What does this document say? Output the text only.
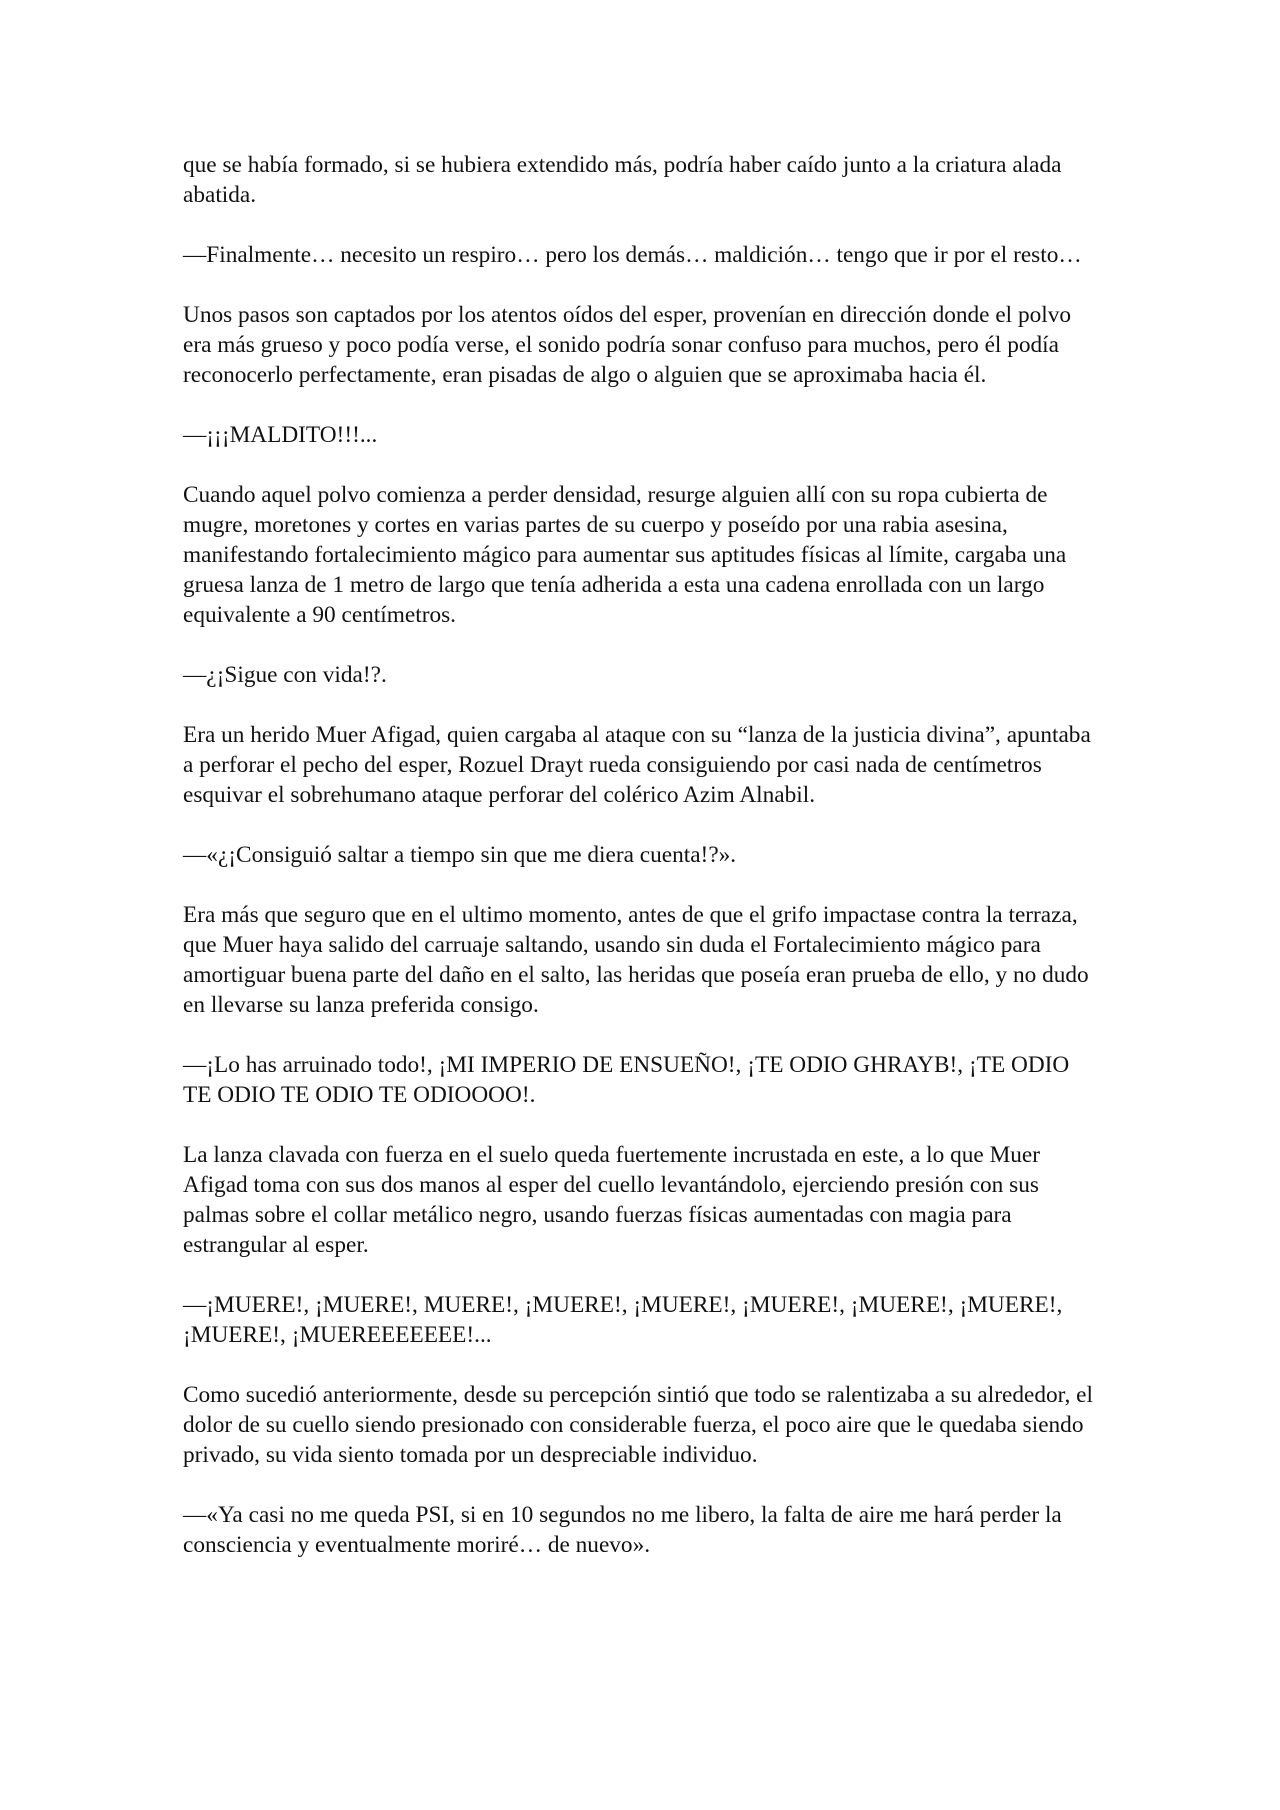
que se había formado, si se hubiera extendido más, podría haber caído junto a la criatura alada abatida.

—Finalmente… necesito un respiro… pero los demás… maldición… tengo que ir por el resto…

Unos pasos son captados por los atentos oídos del esper, provenían en dirección donde el polvo era más grueso y poco podía verse, el sonido podría sonar confuso para muchos, pero él podía reconocerlo perfectamente, eran pisadas de algo o alguien que se aproximaba hacia él.

—¡¡¡MALDITO!!!...

Cuando aquel polvo comienza a perder densidad, resurge alguien allí con su ropa cubierta de mugre, moretones y cortes en varias partes de su cuerpo y poseído por una rabia asesina, manifestando fortalecimiento mágico para aumentar sus aptitudes físicas al límite, cargaba una gruesa lanza de 1 metro de largo que tenía adherida a esta una cadena enrollada con un largo equivalente a 90 centímetros.

—¿¡Sigue con vida!?.

Era un herido Muer Afigad, quien cargaba al ataque con su “lanza de la justicia divina”, apuntaba a perforar el pecho del esper, Rozuel Drayt rueda consiguiendo por casi nada de centímetros esquivar el sobrehumano ataque perforar del colérico Azim Alnabil.

—«¿¡Consiguió saltar a tiempo sin que me diera cuenta!?».

Era más que seguro que en el ultimo momento, antes de que el grifo impactase contra la terraza, que Muer haya salido del carruaje saltando, usando sin duda el Fortalecimiento mágico para amortiguar buena parte del daño en el salto, las heridas que poseía eran prueba de ello, y no dudo en llevarse su lanza preferida consigo.

—¡Lo has arruinado todo!, ¡MI IMPERIO DE ENSUEÑO!, ¡TE ODIO GHRAYB!, ¡TE ODIO TE ODIO TE ODIO TE ODIOOOO!.

La lanza clavada con fuerza en el suelo queda fuertemente incrustada en este, a lo que Muer Afigad toma con sus dos manos al esper del cuello levantándolo, ejerciendo presión con sus palmas sobre el collar metálico negro, usando fuerzas físicas aumentadas con magia para estrangular al esper.

—¡MUERE!, ¡MUERE!, MUERE!, ¡MUERE!, ¡MUERE!, ¡MUERE!, ¡MUERE!, ¡MUERE!, ¡MUERE!, ¡MUEREEEEEEE!...

Como sucedió anteriormente, desde su percepción sintió que todo se ralentizaba a su alrededor, el dolor de su cuello siendo presionado con considerable fuerza, el poco aire que le quedaba siendo privado, su vida siento tomada por un despreciable individuo.

—«Ya casi no me queda PSI, si en 10 segundos no me libero, la falta de aire me hará perder la consciencia y eventualmente moriré… de nuevo».
